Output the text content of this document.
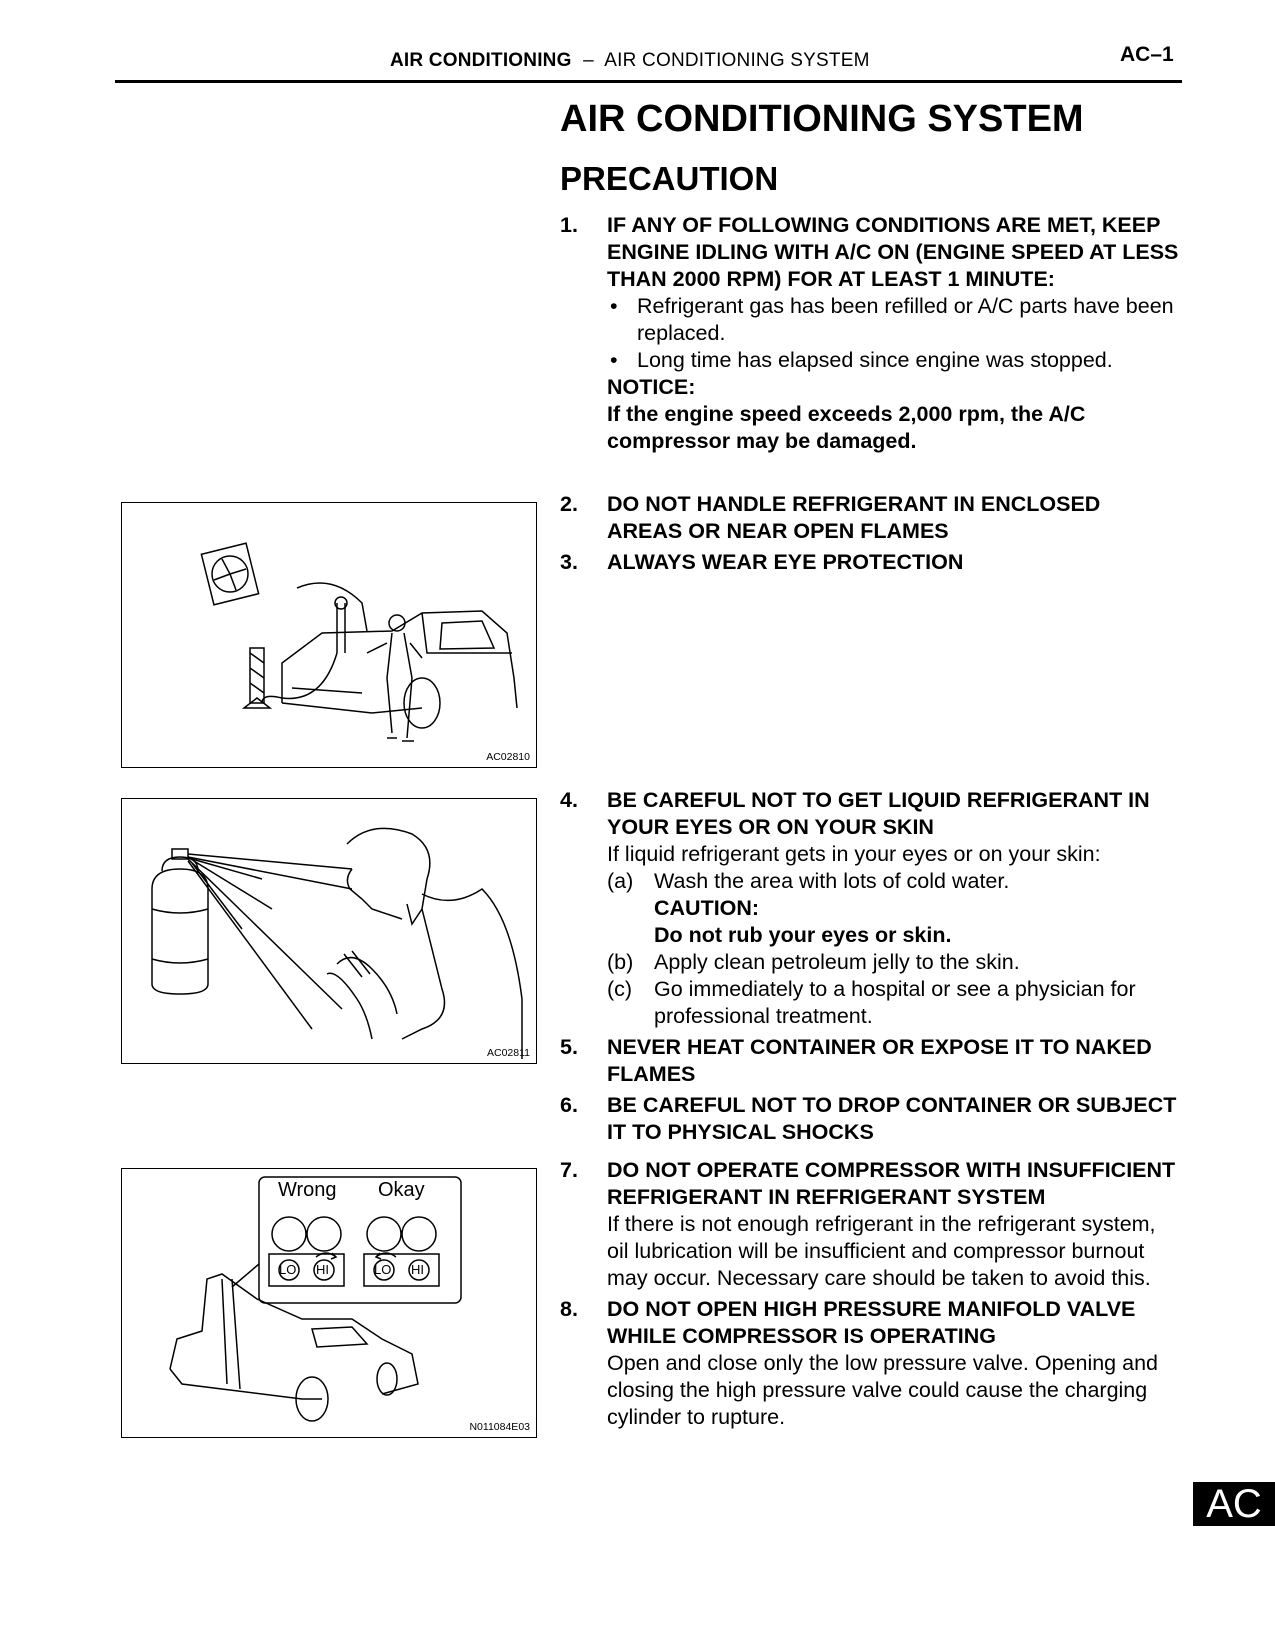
AIR CONDITIONING – AIR CONDITIONING SYSTEM	AC–1
AIR CONDITIONING SYSTEM
PRECAUTION
1. IF ANY OF FOLLOWING CONDITIONS ARE MET, KEEP ENGINE IDLING WITH A/C ON (ENGINE SPEED AT LESS THAN 2000 RPM) FOR AT LEAST 1 MINUTE:
• Refrigerant gas has been refilled or A/C parts have been replaced.
• Long time has elapsed since engine was stopped.
NOTICE:
If the engine speed exceeds 2,000 rpm, the A/C compressor may be damaged.
2. DO NOT HANDLE REFRIGERANT IN ENCLOSED AREAS OR NEAR OPEN FLAMES
3. ALWAYS WEAR EYE PROTECTION
4. BE CAREFUL NOT TO GET LIQUID REFRIGERANT IN YOUR EYES OR ON YOUR SKIN
If liquid refrigerant gets in your eyes or on your skin:
(a) Wash the area with lots of cold water.
CAUTION:
Do not rub your eyes or skin.
(b) Apply clean petroleum jelly to the skin.
(c) Go immediately to a hospital or see a physician for professional treatment.
5. NEVER HEAT CONTAINER OR EXPOSE IT TO NAKED FLAMES
6. BE CAREFUL NOT TO DROP CONTAINER OR SUBJECT IT TO PHYSICAL SHOCKS
7. DO NOT OPERATE COMPRESSOR WITH INSUFFICIENT REFRIGERANT IN REFRIGERANT SYSTEM
If there is not enough refrigerant in the refrigerant system, oil lubrication will be insufficient and compressor burnout may occur. Necessary care should be taken to avoid this.
8. DO NOT OPEN HIGH PRESSURE MANIFOLD VALVE WHILE COMPRESSOR IS OPERATING
Open and close only the low pressure valve. Opening and closing the high pressure valve could cause the charging cylinder to rupture.
AC02810
AC02811
Wrong Okay
LO HI	LO HI
N011084E03
AC
